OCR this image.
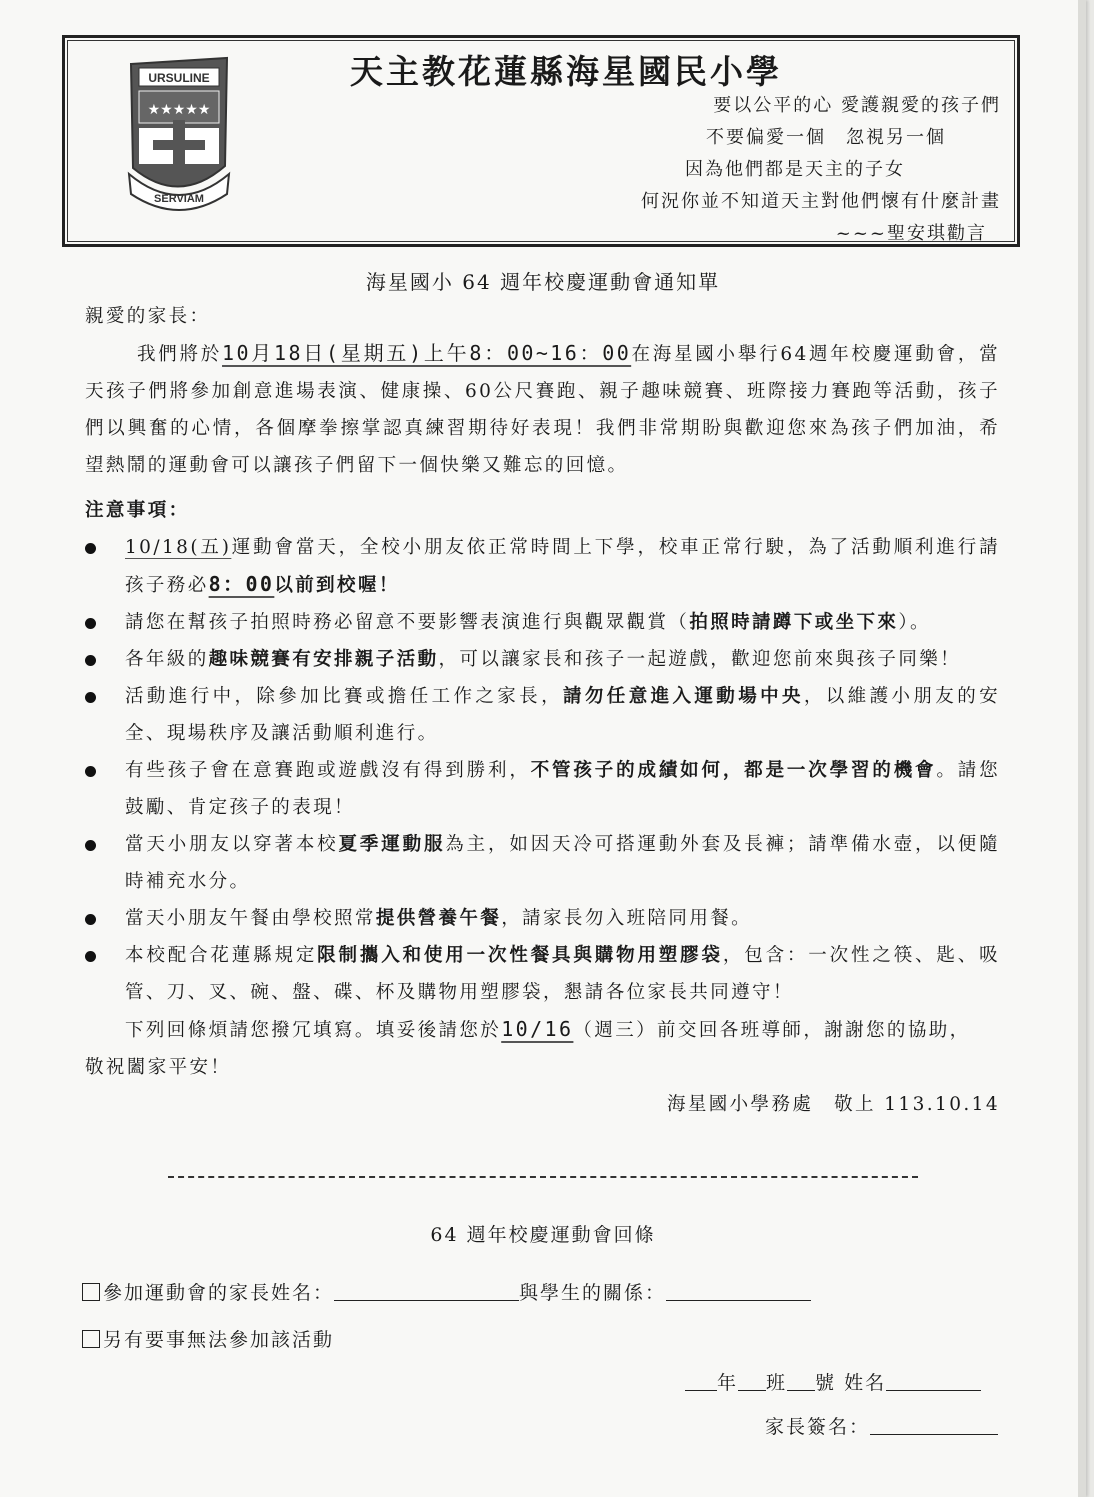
URSULINE
★★★★★
SERVIAM
天主教花蓮縣海星國民小學
要以公平的心 愛護親愛的孩子們
不要偏愛一個　忽視另一個
因為他們都是天主的子女
何況你並不知道天主對他們懷有什麼計畫
~~~聖安琪勸言
海星國小 64 週年校慶運動會通知單
親愛的家長：
我們將於10月18日(星期五)上午8：00~16：00在海星國小舉行64週年校慶運動會，當天孩子們將參加創意進場表演、健康操、60公尺賽跑、親子趣味競賽、班際接力賽跑等活動，孩子們以興奮的心情，各個摩拳擦掌認真練習期待好表現！我們非常期盼與歡迎您來為孩子們加油，希望熱鬧的運動會可以讓孩子們留下一個快樂又難忘的回憶。
注意事項：
10/18(五)運動會當天，全校小朋友依正常時間上下學，校車正常行駛，為了活動順利進行請孩子務必8：00以前到校喔！
請您在幫孩子拍照時務必留意不要影響表演進行與觀眾觀賞（拍照時請蹲下或坐下來）。
各年級的趣味競賽有安排親子活動，可以讓家長和孩子一起遊戲，歡迎您前來與孩子同樂！
活動進行中，除參加比賽或擔任工作之家長，請勿任意進入運動場中央，以維護小朋友的安全、現場秩序及讓活動順利進行。
有些孩子會在意賽跑或遊戲沒有得到勝利，不管孩子的成績如何，都是一次學習的機會。請您鼓勵、肯定孩子的表現！
當天小朋友以穿著本校夏季運動服為主，如因天冷可搭運動外套及長褲；請準備水壺，以便隨時補充水分。
當天小朋友午餐由學校照常提供營養午餐，請家長勿入班陪同用餐。
本校配合花蓮縣規定限制攜入和使用一次性餐具與購物用塑膠袋，包含：一次性之筷、匙、吸管、刀、叉、碗、盤、碟、杯及購物用塑膠袋，懇請各位家長共同遵守！
下列回條煩請您撥冗填寫。填妥後請您於10/16（週三）前交回各班導師，謝謝您的協助，
敬祝闔家平安！
海星國小學務處　敬上 113.10.14
64 週年校慶運動會回條
參加運動會的家長姓名：	與學生的關係：
另有要事無法參加該活動
年 班 號 姓名
家長簽名：
